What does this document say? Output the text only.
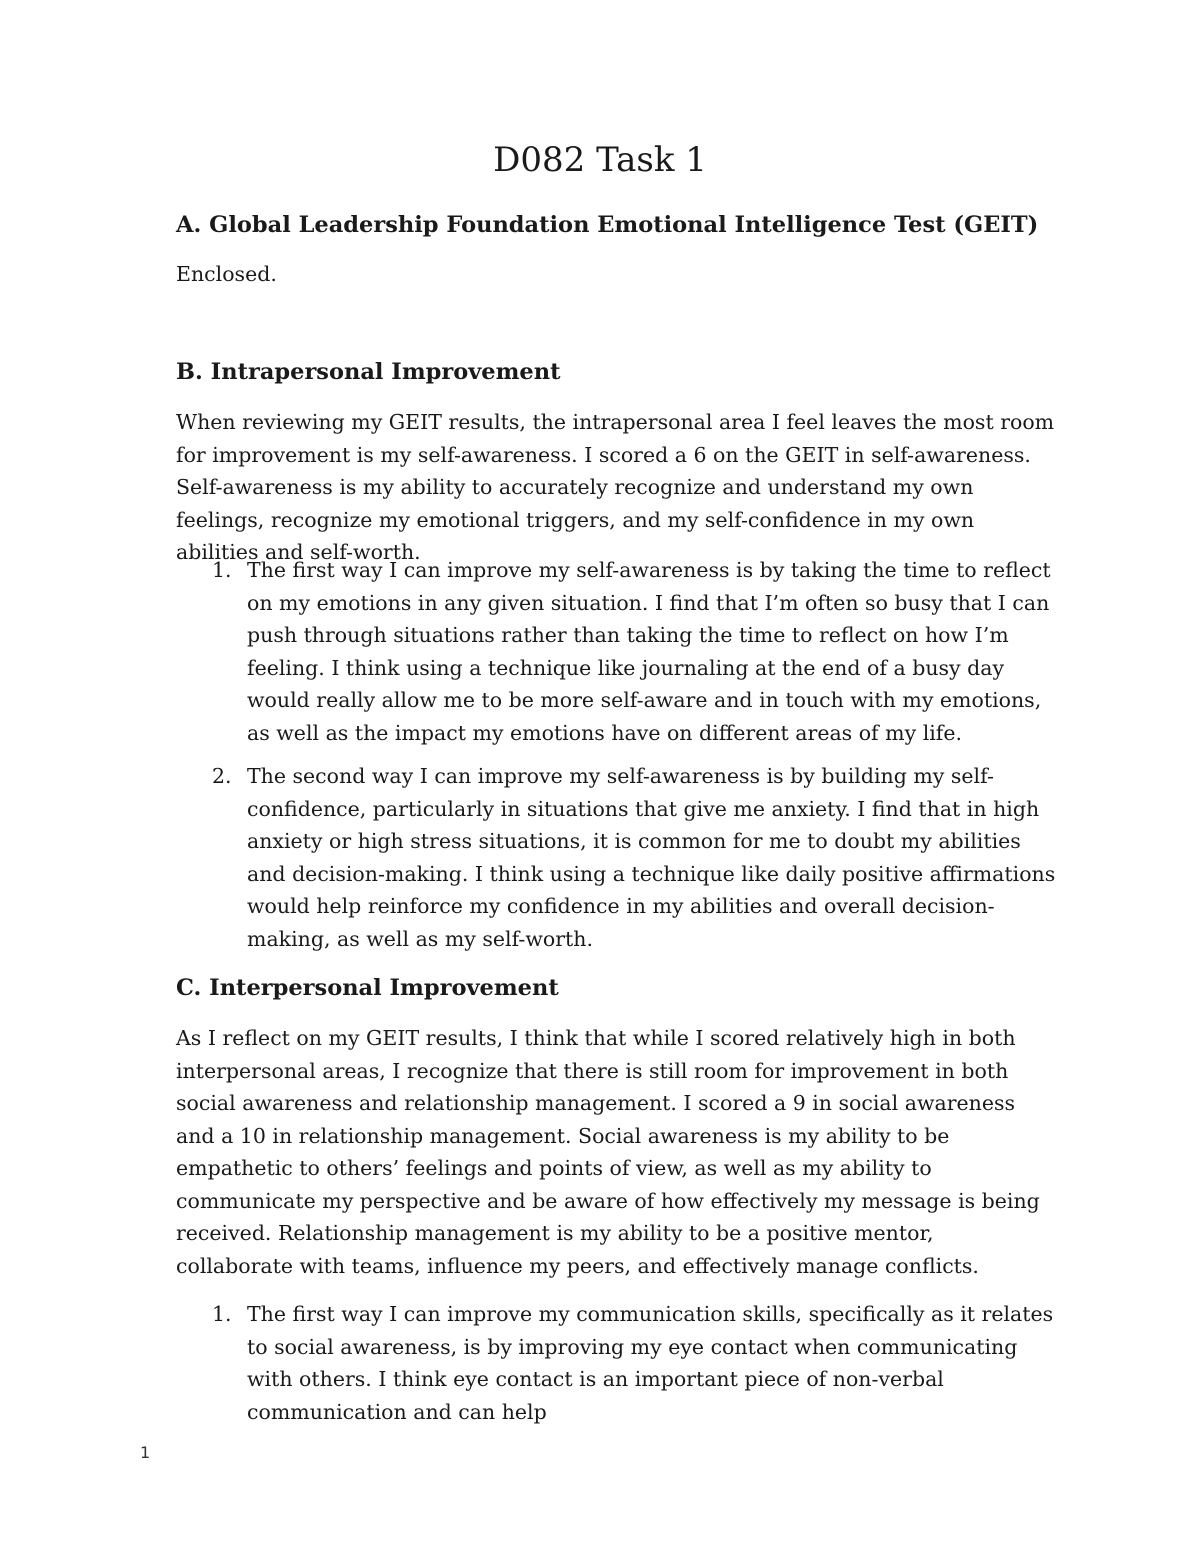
D082 Task 1
A. Global Leadership Foundation Emotional Intelligence Test (GEIT)

Enclosed.

B. Intrapersonal Improvement

When reviewing my GEIT results, the intrapersonal area I feel leaves the most room for improvement is my self-awareness. I scored a 6 on the GEIT in self-awareness. Self-awareness is my ability to accurately recognize and understand my own feelings, recognize my emotional triggers, and my self-confidence in my own abilities and self-worth.

1. The first way I can improve my self-awareness is by taking the time to reflect on my emotions in any given situation. I find that I’m often so busy that I can push through situations rather than taking the time to reflect on how I’m feeling. I think using a technique like journaling at the end of a busy day would really allow me to be more self-aware and in touch with my emotions, as well as the impact my emotions have on different areas of my life.
2. The second way I can improve my self-awareness is by building my self-confidence, particularly in situations that give me anxiety. I find that in high anxiety or high stress situations, it is common for me to doubt my abilities and decision-making. I think using a technique like daily positive affirmations would help reinforce my confidence in my abilities and overall decision-making, as well as my self-worth.
C. Interpersonal Improvement

As I reflect on my GEIT results, I think that while I scored relatively high in both interpersonal areas, I recognize that there is still room for improvement in both social awareness and relationship management. I scored a 9 in social awareness and a 10 in relationship management. Social awareness is my ability to be empathetic to others’ feelings and points of view, as well as my ability to communicate my perspective and be aware of how effectively my message is being received. Relationship management is my ability to be a positive mentor, collaborate with teams, influence my peers, and effectively manage conflicts.

1. The first way I can improve my communication skills, specifically as it relates to social awareness, is by improving my eye contact when communicating with others. I think eye contact is an important piece of non-verbal communication and can help
1
